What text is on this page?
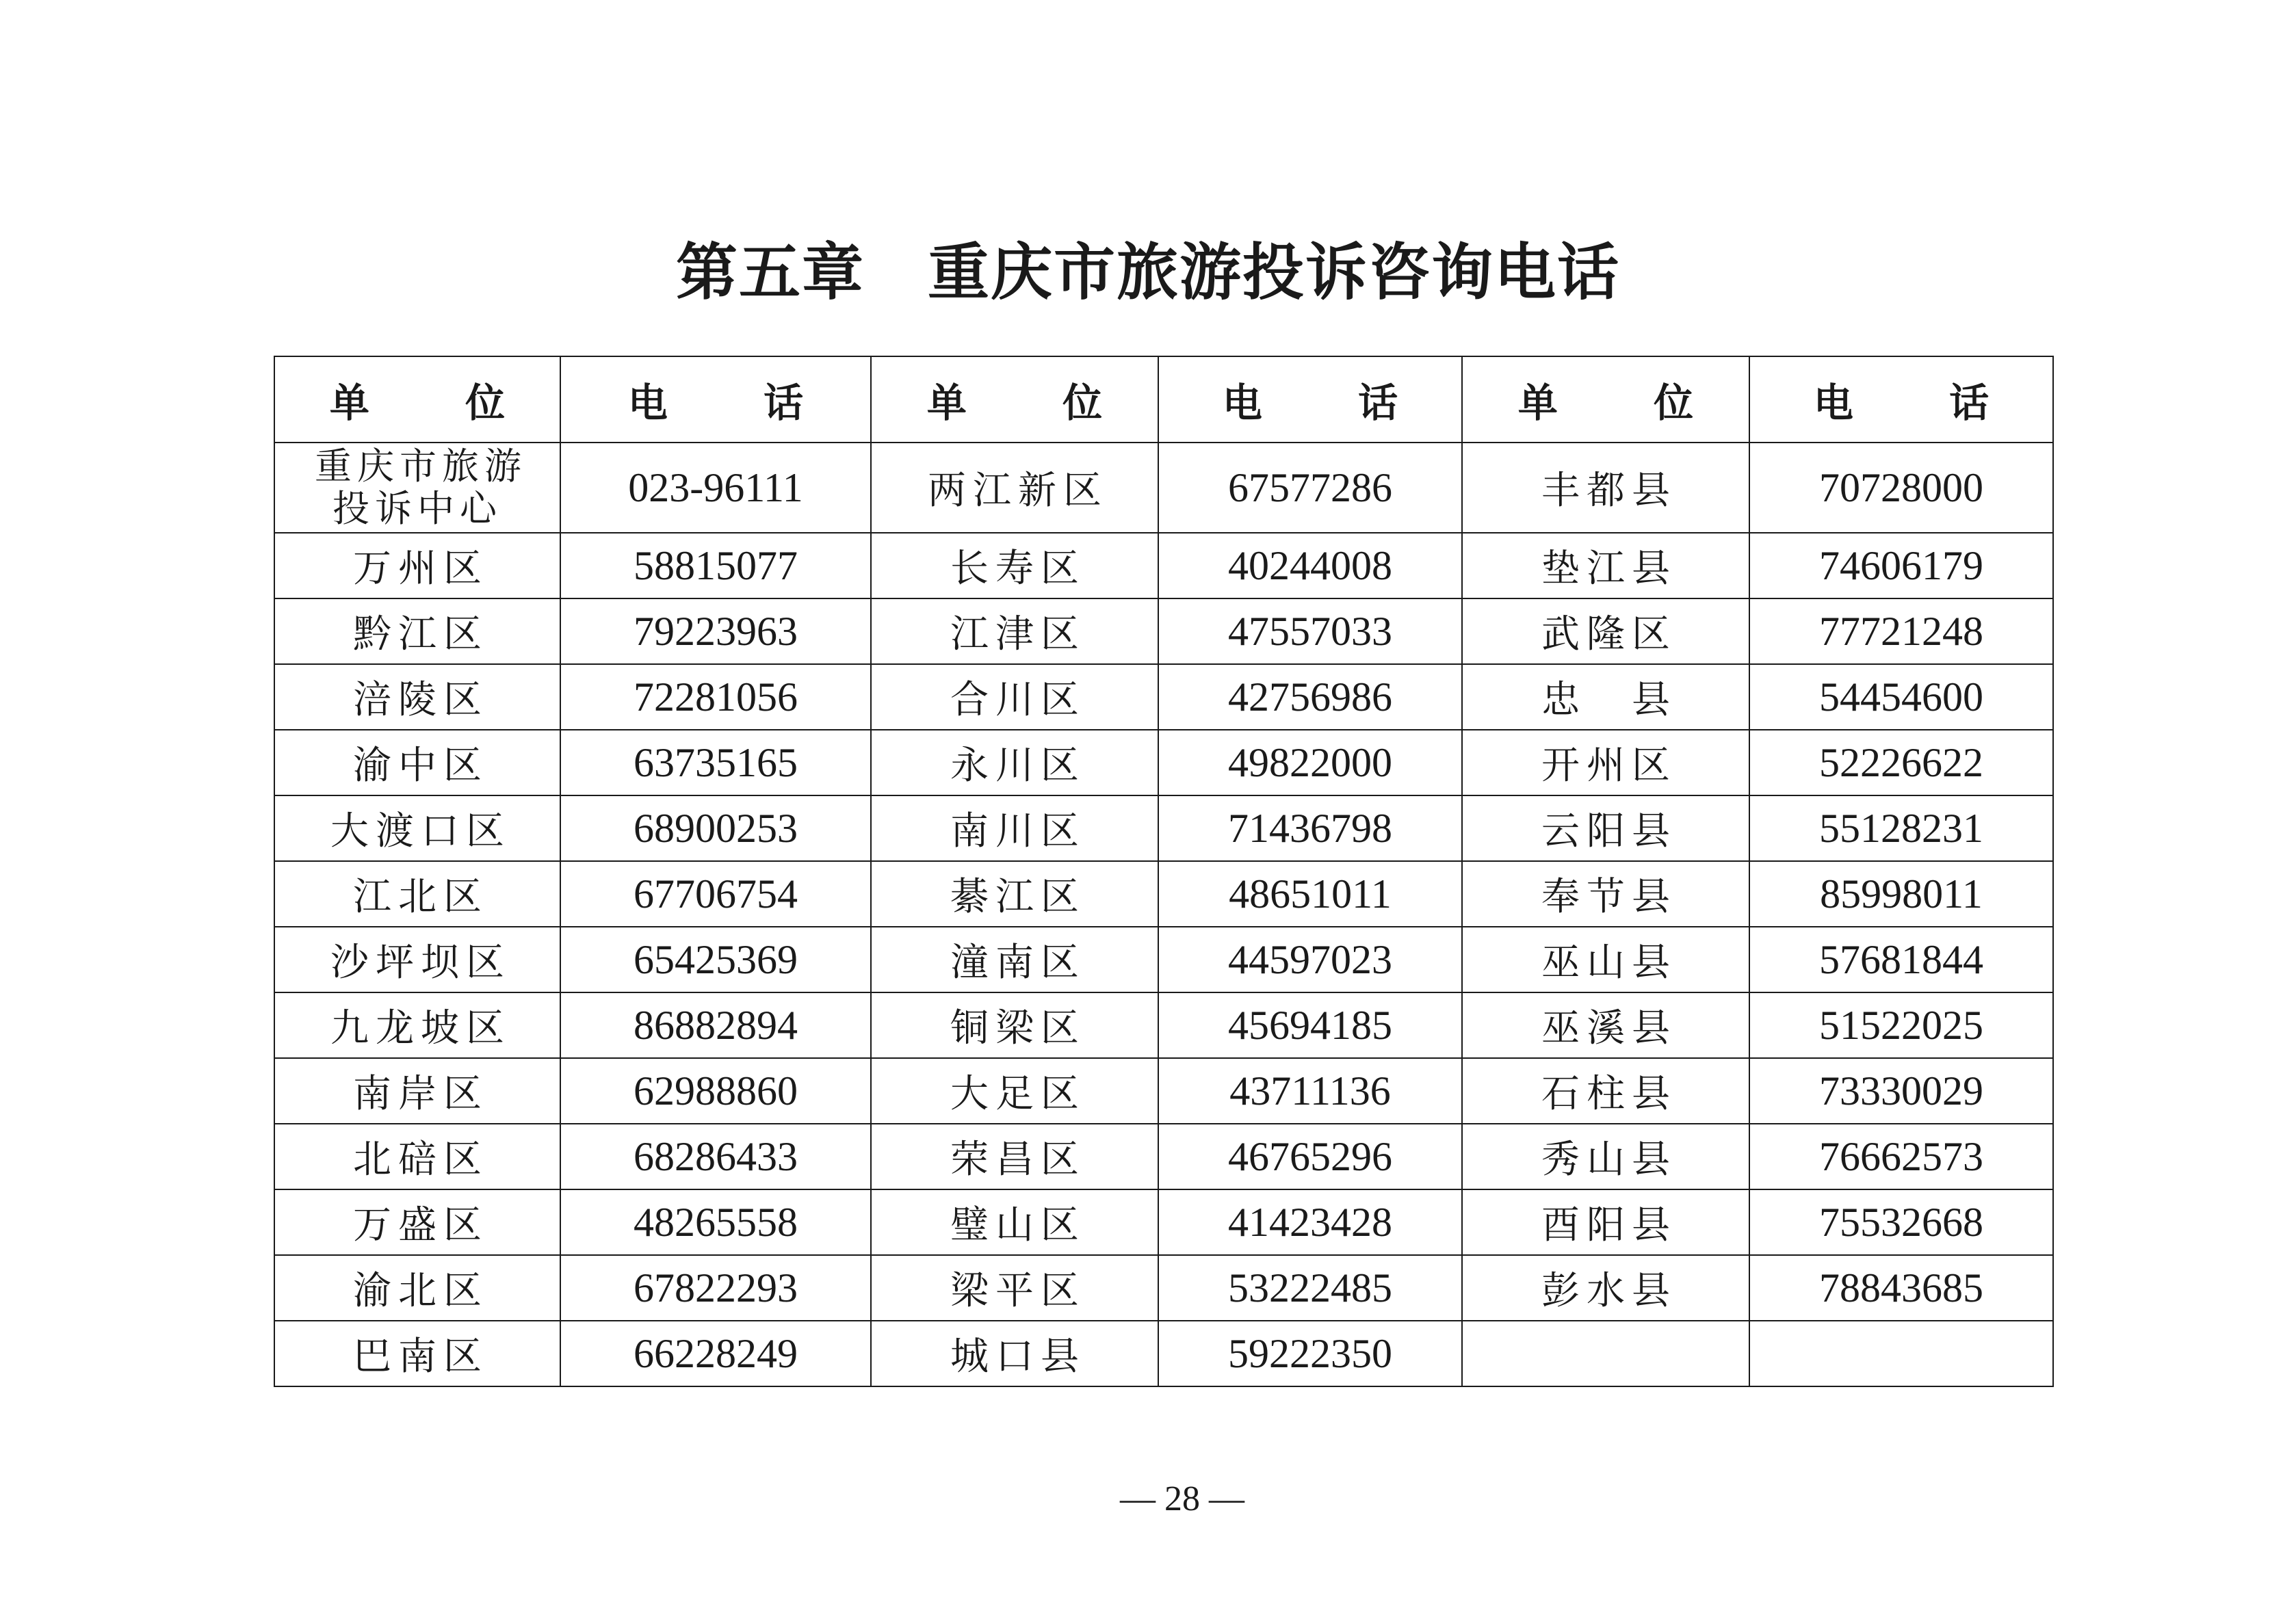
第五章　重庆市旅游投诉咨询电话
单 位	电 话	单 位	电 话	单 位	电 话
重庆市旅游投诉中心	023-96111	两江新区	67577286	丰都县	70728000
万州区	58815077	长寿区	40244008	垫江县	74606179
黔江区	79223963	江津区	47557033	武隆区	77721248
涪陵区	72281056	合川区	42756986	忠　县	54454600
渝中区	63735165	永川区	49822000	开州区	52226622
大渡口区	68900253	南川区	71436798	云阳县	55128231
江北区	67706754	綦江区	48651011	奉节县	85998011
沙坪坝区	65425369	潼南区	44597023	巫山县	57681844
九龙坡区	86882894	铜梁区	45694185	巫溪县	51522025
南岸区	62988860	大足区	43711136	石柱县	73330029
北碚区	68286433	荣昌区	46765296	秀山县	76662573
万盛区	48265558	璧山区	41423428	酉阳县	75532668
渝北区	67822293	梁平区	53222485	彭水县	78843685
巴南区	66228249	城口县	59222350		
— 28 —
